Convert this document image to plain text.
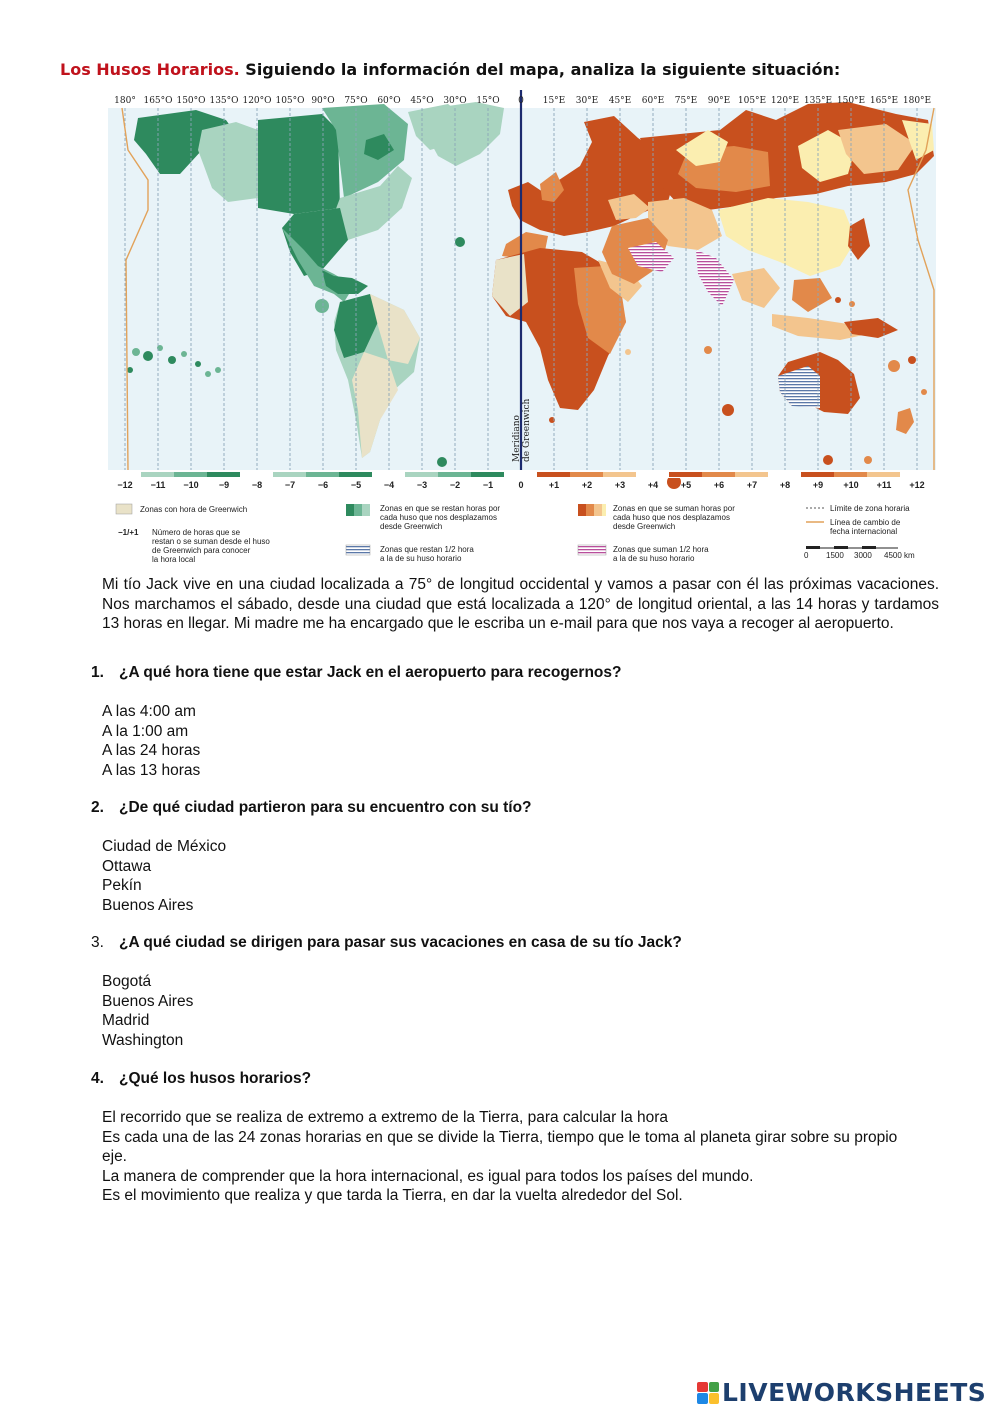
Los Husos Horarios. Siguiendo la información del mapa, analiza la siguiente situación:
Meridiano de Greenwich
180° 165°O 150°O 135°O 120°O 105°O 90°O 75°O 60°O 45°O 30°O 15°O 0 15°E 30°E 45°E 60°E 75°E 90°E 105°E 120°E 135°E 150°E 165°E 180°E
−12 −11 −10 −9	−8	−7	−6	−5	−4	−3	−2	−1	0	+1	+2	+3	+4	+5	+6	+7	+8	+9 +10 +11 +12
Zonas con hora de Greenwich
−1/+1 Número de horas que se
restan o se suman desde el huso
de Greenwich para conocer
la hora local
Zonas en que se restan horas por
cada huso que nos desplazamos
desde Greenwich
Zonas que restan 1/2 hora
a la de su huso horario
Zonas en que se suman horas por
cada huso que nos desplazamos
desde Greenwich
Zonas que suman 1/2 hora
a la de su huso horario
Límite de zona horaria
Línea de cambio de
fecha internacional
0 1500 3000 4500 km
Mi tío Jack vive en una ciudad localizada a 75° de longitud occidental y vamos a pasar con él las próximas vacaciones. Nos marchamos el sábado, desde una ciudad que está localizada a 120° de longitud oriental, a las 14 horas y tardamos 13 horas en llegar. Mi madre me ha encargado que le escriba un e-mail para que nos vaya a recoger al aeropuerto.
1. ¿A qué hora tiene que estar Jack en el aeropuerto para recogernos?
A las 4:00 am
A la 1:00 am
A las 24 horas
A las 13 horas
2. ¿De qué ciudad partieron para su encuentro con su tío?
Ciudad de México
Ottawa
Pekín
Buenos Aires
3. ¿A qué ciudad se dirigen para pasar sus vacaciones en casa de su tío Jack?
Bogotá
Buenos Aires
Madrid
Washington
4. ¿Qué los husos horarios?
El recorrido que se realiza de extremo a extremo de la Tierra, para calcular la hora
Es cada una de las 24 zonas horarias en que se divide la Tierra, tiempo que le toma al planeta girar sobre su propio eje.
La manera de comprender que la hora internacional, es igual para todos los países del mundo.
Es el movimiento que realiza y que tarda la Tierra, en dar la vuelta alrededor del Sol.
LIVEWORKSHEETS
